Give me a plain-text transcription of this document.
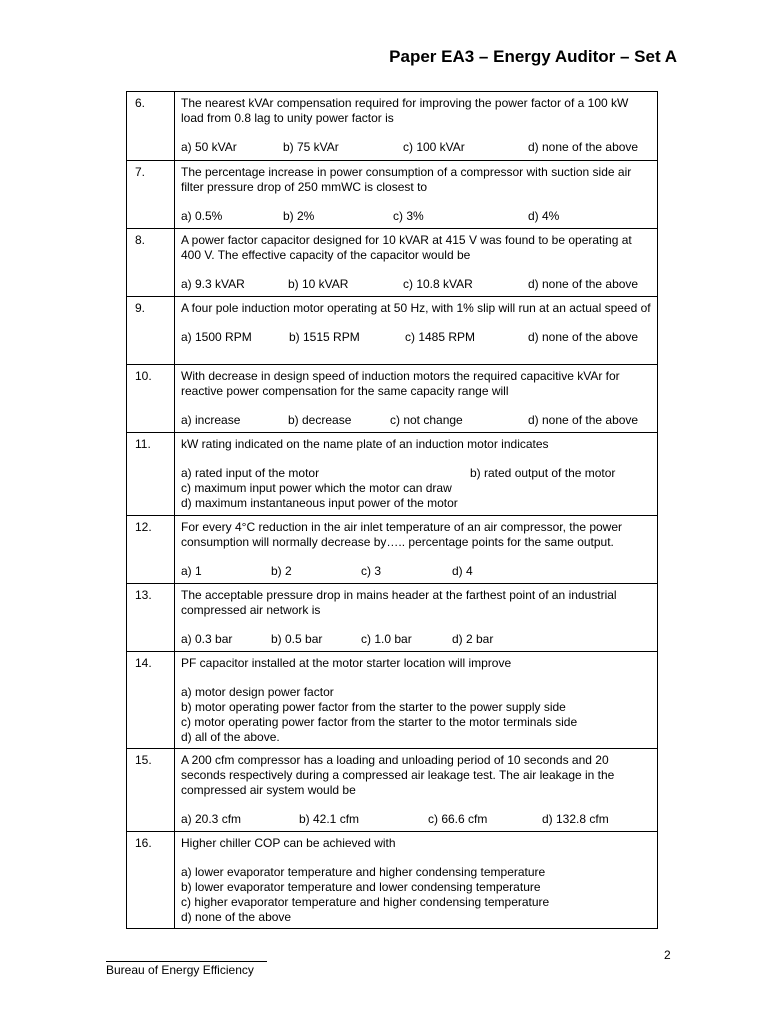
Paper EA3 – Energy Auditor – Set A
6.	The nearest kVAr compensation required for improving the power factor of a 100 kW load from 0.8 lag to unity power factor is
a) 50 kVAr b) 75 kVAr c) 100 kVAr d) none of the above

7.	The percentage increase in power consumption of a compressor with suction side air filter pressure drop of 250 mmWC is closest to
a) 0.5% b) 2% c) 3% d) 4%

8.	A power factor capacitor designed for 10 kVAR at 415 V was found to be operating at 400 V. The effective capacity of the capacitor would be
a) 9.3 kVAR b) 10 kVAR c) 10.8 kVAR d) none of the above

9.	A four pole induction motor operating at 50 Hz, with 1% slip will run at an actual speed of
a) 1500 RPM b) 1515 RPM c) 1485 RPM d) none of the above

10.	With decrease in design speed of induction motors the required capacitive kVAr for reactive power compensation for the same capacity range will
a) increase b) decrease c) not change d) none of the above

11.	kW rating indicated on the name plate of an induction motor indicates
a) rated input of the motor b) rated output of the motor
c) maximum input power which the motor can draw
d) maximum instantaneous input power of the motor

12.	For every 4°C reduction in the air inlet temperature of an air compressor, the power consumption will normally decrease by….. percentage points for the same output.
a) 1 b) 2 c) 3 d) 4

13.	The acceptable pressure drop in mains header at the farthest point of an industrial compressed air network is
a) 0.3 bar b) 0.5 bar c) 1.0 bar d) 2 bar

14.	PF capacitor installed at the motor starter location will improve
a) motor design power factor
b) motor operating power factor from the starter to the power supply side
c) motor operating power factor from the starter to the motor terminals side
d) all of the above.

15.	A 200 cfm compressor has a loading and unloading period of 10 seconds and 20 seconds respectively during a compressed air leakage test. The air leakage in the compressed air system would be
a) 20.3 cfm b) 42.1 cfm c) 66.6 cfm d) 132.8 cfm

16.	Higher chiller COP can be achieved with
a) lower evaporator temperature and higher condensing temperature
b) lower evaporator temperature and lower condensing temperature
c) higher evaporator temperature and higher condensing temperature
d) none of the above
2
Bureau of Energy Efficiency
